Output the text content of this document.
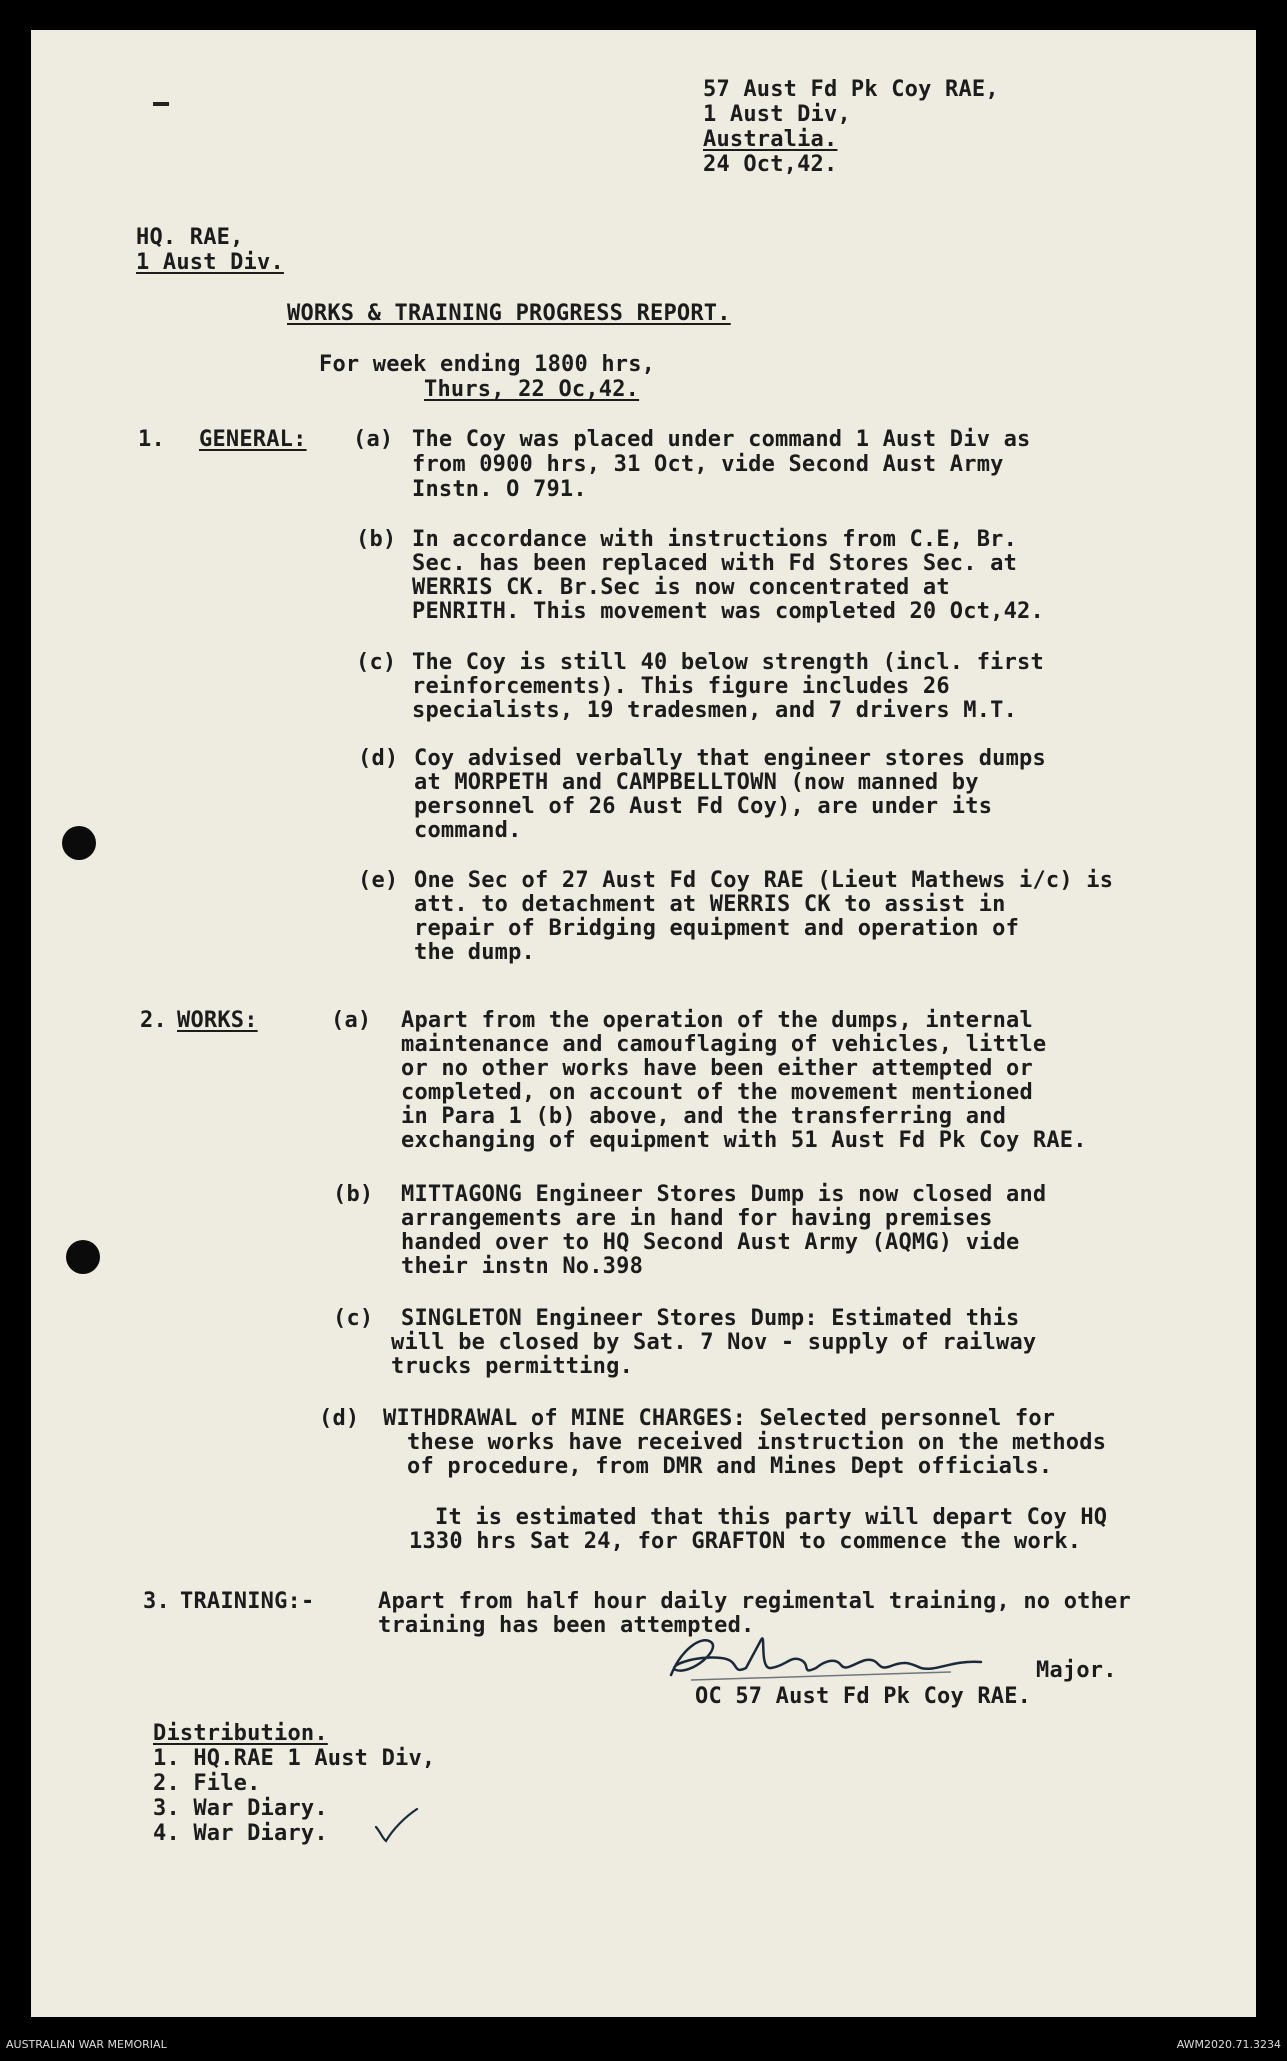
57 Aust Fd Pk Coy RAE,
1 Aust Div,
Australia.
24 Oct,42.
HQ. RAE,
1 Aust Div.
WORKS & TRAINING PROGRESS REPORT.
For week ending 1800 hrs,
Thurs, 22 Oc,42.
1. GENERAL: (a) The Coy was placed under command 1 Aust Div as
from 0900 hrs, 31 Oct, vide Second Aust Army
Instn. O 791.
(b) In accordance with instructions from C.E, Br.
Sec. has been replaced with Fd Stores Sec. at
WERRIS CK. Br.Sec is now concentrated at
PENRITH. This movement was completed 20 Oct,42.
(c) The Coy is still 40 below strength (incl. first
reinforcements). This figure includes 26
specialists, 19 tradesmen, and 7 drivers M.T.
(d) Coy advised verbally that engineer stores dumps
at MORPETH and CAMPBELLTOWN (now manned by
personnel of 26 Aust Fd Coy), are under its
command.
(e) One Sec of 27 Aust Fd Coy RAE (Lieut Mathews i/c) is
att. to detachment at WERRIS CK to assist in
repair of Bridging equipment and operation of
the dump.
2. WORKS:	(a) Apart from the operation of the dumps, internal
maintenance and camouflaging of vehicles, little
or no other works have been either attempted or
completed, on account of the movement mentioned
in Para 1 (b) above, and the transferring and
exchanging of equipment with 51 Aust Fd Pk Coy RAE.
(b) MITTAGONG Engineer Stores Dump is now closed and
arrangements are in hand for having premises
handed over to HQ Second Aust Army (AQMG) vide
their instn No.398
(c) SINGLETON Engineer Stores Dump: Estimated this
will be closed by Sat. 7 Nov - supply of railway
trucks permitting.
(d) WITHDRAWAL of MINE CHARGES: Selected personnel for
these works have received instruction on the methods
of procedure, from DMR and Mines Dept officials.
It is estimated that this party will depart Coy HQ
1330 hrs Sat 24, for GRAFTON to commence the work.
3. TRAINING:-	Apart from half hour daily regimental training, no other
training has been attempted.
Major.
OC 57 Aust Fd Pk Coy RAE.
Distribution.
1. HQ.RAE 1 Aust Div,
2. File.
3. War Diary.
4. War Diary.
AUSTRALIAN WAR MEMORIAL	AWM2020.71.3234
